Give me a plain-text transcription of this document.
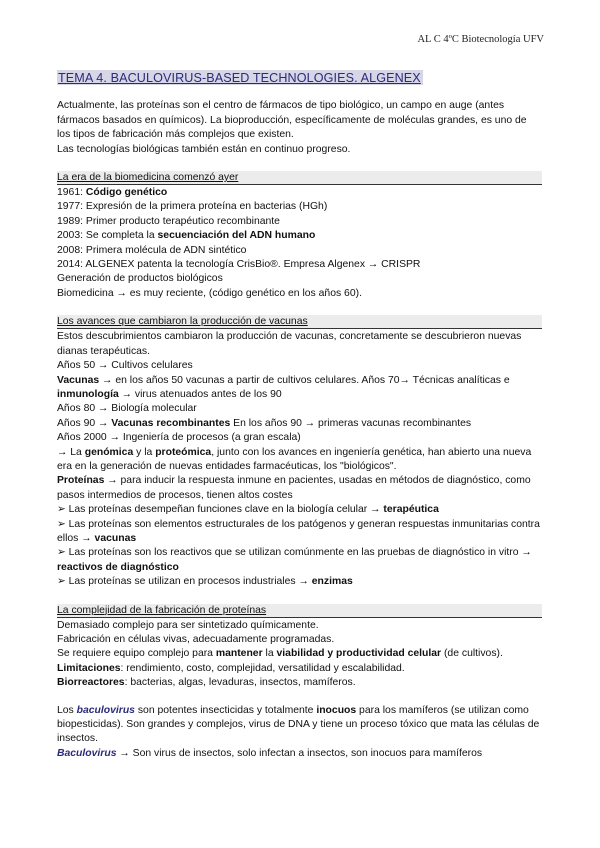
AL C 4ºC Biotecnología UFV
TEMA 4. BACULOVIRUS-BASED TECHNOLOGIES. ALGENEX

Actualmente, las proteínas son el centro de fármacos de tipo biológico, un campo en auge (antes fármacos basados en químicos). La bioproducción, específicamente de moléculas grandes, es uno de los tipos de fabricación más complejos que existen.

Las tecnologías biológicas también están en continuo progreso.

La era de la biomedicina comenzó ayer

1961: Código genético

1977: Expresión de la primera proteína en bacterias (HGh)

1989: Primer producto terapéutico recombinante

2003: Se completa la secuenciación del ADN humano

2008: Primera molécula de ADN sintético

2014: ALGENEX patenta la tecnología CrisBio®. Empresa Algenex → CRISPR

Generación de productos biológicos

Biomedicina → es muy reciente, (código genético en los años 60).

Los avances que cambiaron la producción de vacunas

Estos descubrimientos cambiaron la producción de vacunas, concretamente se descubrieron nuevas dianas terapéuticas.

Años 50 → Cultivos celulares

Vacunas → en los años 50 vacunas a partir de cultivos celulares. Años 70→ Técnicas analíticas e inmunología → virus atenuados antes de los 90

Años 80 → Biología molecular

Años 90 → Vacunas recombinantes En los años 90 → primeras vacunas recombinantes

Años 2000 → Ingeniería de procesos (a gran escala)

→ La genómica y la proteómica, junto con los avances en ingeniería genética, han abierto una nueva era en la generación de nuevas entidades farmacéuticas, los "biológicos".

Proteínas → para inducir la respuesta inmune en pacientes, usadas en métodos de diagnóstico, como pasos intermedios de procesos, tienen altos costes

➢ Las proteínas desempeñan funciones clave en la biología celular → terapéutica

➢ Las proteínas son elementos estructurales de los patógenos y generan respuestas inmunitarias contra ellos → vacunas

➢ Las proteínas son los reactivos que se utilizan comúnmente en las pruebas de diagnóstico in vitro → reactivos de diagnóstico

➢ Las proteínas se utilizan en procesos industriales → enzimas

La complejidad de la fabricación de proteínas

Demasiado complejo para ser sintetizado químicamente.

Fabricación en células vivas, adecuadamente programadas.

Se requiere equipo complejo para mantener la viabilidad y productividad celular (de cultivos).

Limitaciones: rendimiento, costo, complejidad, versatilidad y escalabilidad.

Biorreactores: bacterias, algas, levaduras, insectos, mamíferos.

Los baculovirus son potentes insecticidas y totalmente inocuos para los mamíferos (se utilizan como biopesticidas). Son grandes y complejos, virus de DNA y tiene un proceso tóxico que mata las células de insectos.

Baculovirus → Son virus de insectos, solo infectan a insectos, son inocuos para mamíferos
